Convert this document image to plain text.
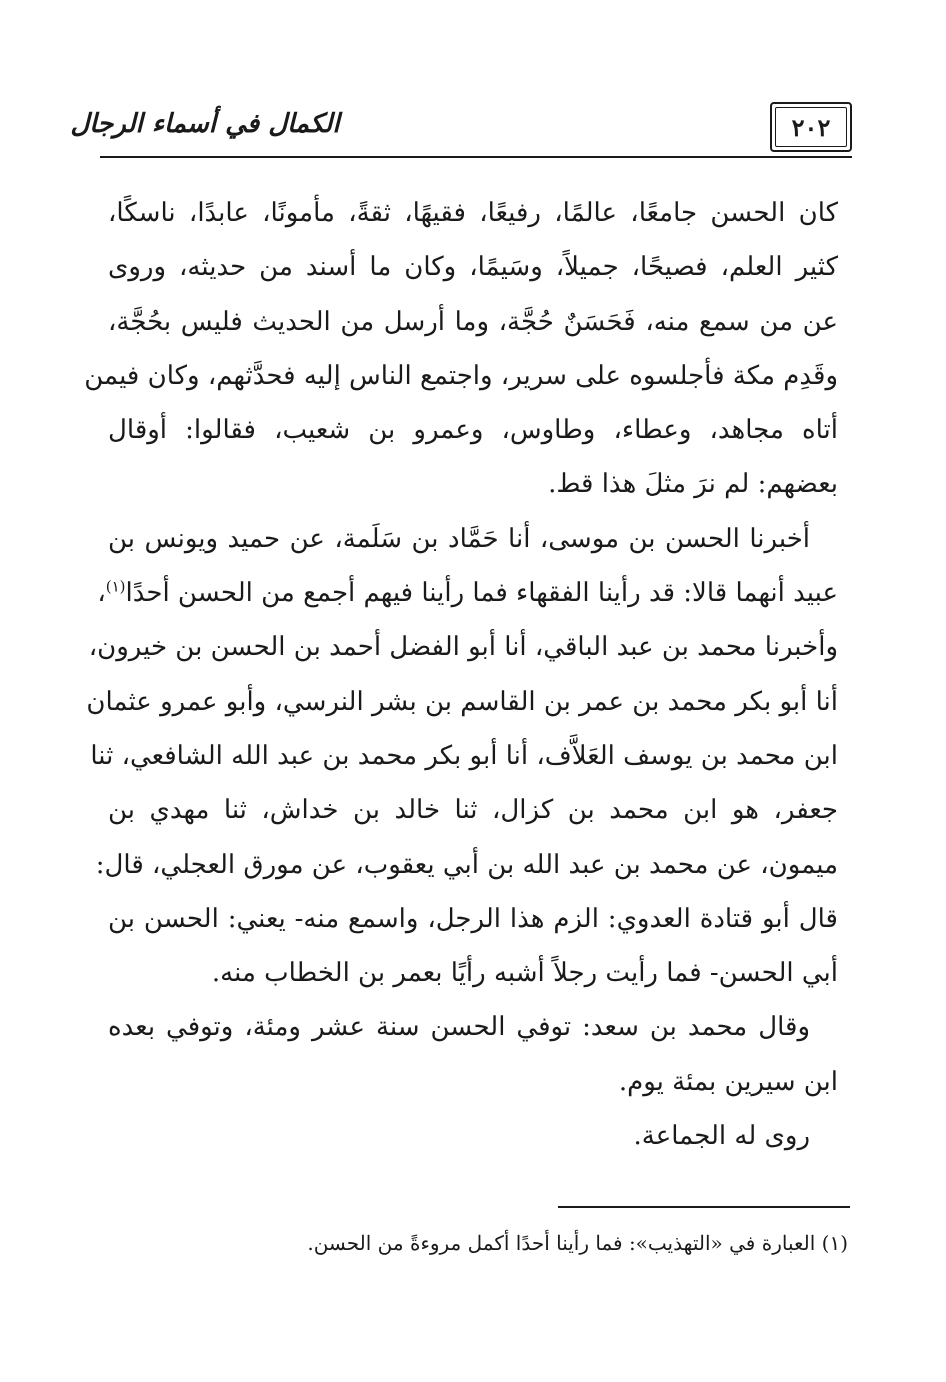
الكمال في أسماء الرجال	٢٠٢
كان الحسن جامعًا، عالمًا، رفيعًا، فقيهًا، ثقةً، مأمونًا، عابدًا، ناسكًا،
كثير العلم، فصيحًا، جميلاً، وسَيمًا، وكان ما أسند من حديثه، وروى
عن من سمع منه، فَحَسَنٌ حُجَّة، وما أرسل من الحديث فليس بحُجَّة،
وقَدِم مكة فأجلسوه على سرير، واجتمع الناس إليه فحدَّثهم، وكان فيمن
أتاه مجاهد، وعطاء، وطاوس، وعمرو بن شعيب، فقالوا: أوقال
بعضهم: لم نرَ مثلَ هذا قط.
أخبرنا الحسن بن موسى، أنا حَمَّاد بن سَلَمة، عن حميد ويونس بن
عبيد أنهما قالا: قد رأينا الفقهاء فما رأينا فيهم أجمع من الحسن أحدًا$^{(١)}$،
وأخبرنا محمد بن عبد الباقي، أنا أبو الفضل أحمد بن الحسن بن خيرون،
أنا أبو بكر محمد بن عمر بن القاسم بن بشر النرسي، وأبو عمرو عثمان
ابن محمد بن يوسف العَلاَّف، أنا أبو بكر محمد بن عبد الله الشافعي، ثنا
جعفر، هو ابن محمد بن كزال، ثنا خالد بن خداش، ثنا مهدي بن
ميمون، عن محمد بن عبد الله بن أبي يعقوب، عن مورق العجلي، قال:
قال أبو قتادة العدوي: الزم هذا الرجل، واسمع منه- يعني: الحسن بن
أبي الحسن- فما رأيت رجلاً أشبه رأيًا بعمر بن الخطاب منه.
وقال محمد بن سعد: توفي الحسن سنة عشر ومئة، وتوفي بعده
ابن سيرين بمئة يوم.
روى له الجماعة.
(١) العبارة في «التهذيب»: فما رأينا أحدًا أكمل مروءةً من الحسن.
